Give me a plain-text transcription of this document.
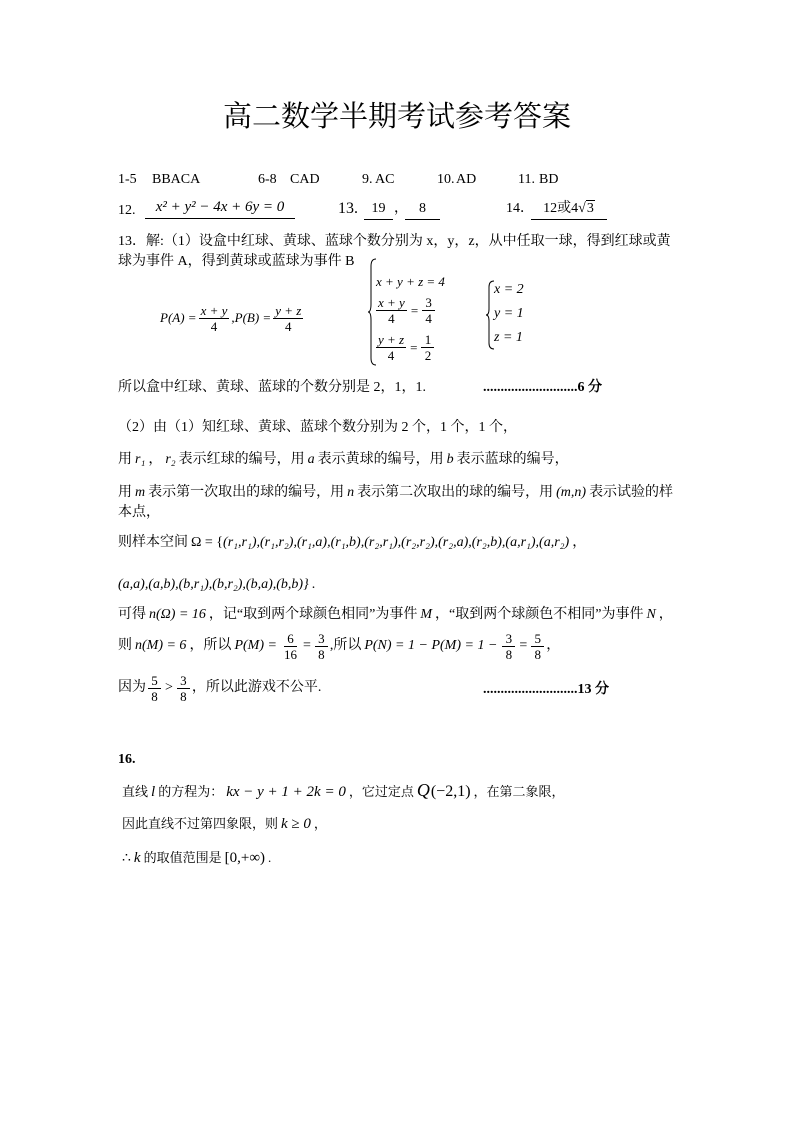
高二数学半期考试参考答案
1-5 BBACA	6-8 CAD	9. AC	10. AD	11. BD
12.	x² + y² − 4x + 6y = 0	13. 19 ， 8	14． 12或4√3
13．解:（1）设盒中红球、黄球、蓝球个数分别为 x，y，z，从中任取一球，得到红球或黄
球为事件 A，得到黄球或蓝球为事件 B
$P(A) = \frac{x + y}{4} ,P(B) = \frac{y + z}{4}$
x + y + z = 4
$\frac{x + y}{4} = \frac{3}{4}$
$\frac{y + z}{4} = \frac{1}{2}$
x = 2
y = 1
z = 1
所以盒中红球、黄球、蓝球的个数分别是 2，1，1.	...........................6 分
（2）由（1）知红球、黄球、蓝球个数分别为 2 个，1 个，1 个，
用 r₁ ， r₂ 表示红球的编号，用 a 表示黄球的编号，用 b 表示蓝球的编号，
用 m 表示第一次取出的球的编号，用 n 表示第二次取出的球的编号，用 (m,n) 表示试验的样
本点，
则样本空间 Ω = {(r₁,r₁),(r₁,r₂),(r₁,a),(r₁,b),(r₂,r₁),(r₂,r₂),(r₂,a),(r₂,b),(a,r₁),(a,r₂) ，
(a,a),(a,b),(b,r₁),(b,r₂),(b,a),(b,b)} .
可得 n(Ω) = 16 ，记“取到两个球颜色相同”为事件 M ，“取到两个球颜色不相同”为事件 N ，
则 n(M) = 6 ，所以 $P(M) = \frac{6}{16} = \frac{3}{8}$ ,所以 $P(N) = 1 - P(M) = 1 - \frac{3}{8} = \frac{5}{8}$ ，
因为 $\frac{5}{8} > \frac{3}{8}$ ，所以此游戏不公平.	...........................13 分
16.
直线 l 的方程为： kx − y + 1 + 2k = 0 ，它过定点 Q(−2,1) ，在第二象限，
因此直线不过第四象限，则 k ≥ 0 ，
∴ k 的取值范围是 [0,+∞) .
